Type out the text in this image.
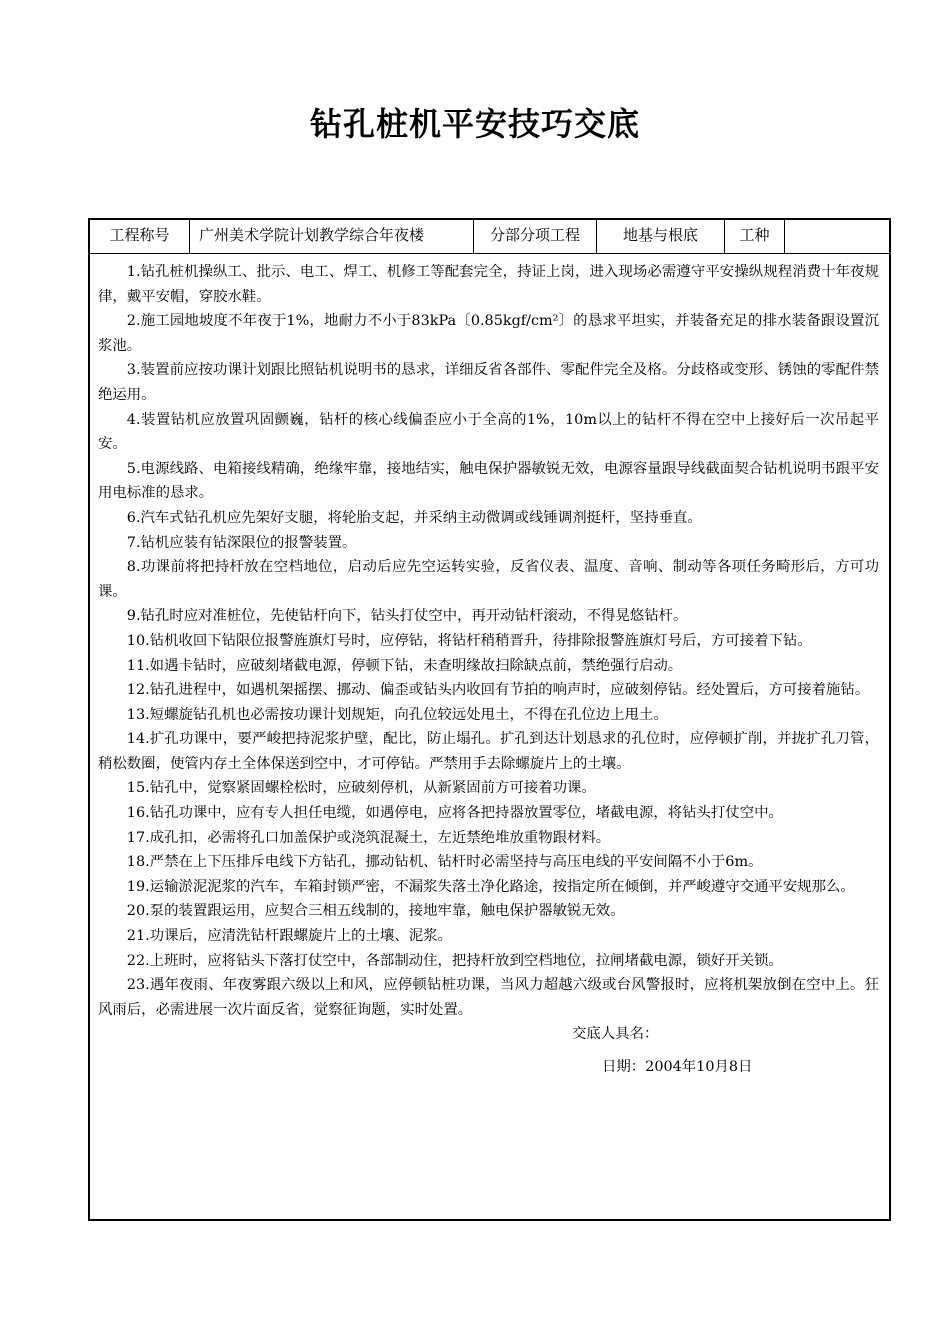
钻孔桩机平安技巧交底
工程称号	广州美术学院计划教学综合年夜楼	分部分项工程	地基与根底	工种

1.钻孔桩机操纵工、批示、电工、焊工、机修工等配套完全，持证上岗，进入现场必需遵守平安操纵规程消费十年夜规律，戴平安帽，穿胶水鞋。

2.施工园地坡度不年夜于1%，地耐力不小于83kPa〔0.85kgf/cm²〕的恳求平坦实，并装备充足的排水装备跟设置沉浆池。

3.装置前应按功课计划跟比照钻机说明书的恳求，详细反省各部件、零配件完全及格。分歧格或变形、锈蚀的零配件禁绝运用。

4.装置钻机应放置巩固颤巍，钻杆的核心线偏歪应小于全高的1%，10m以上的钻杆不得在空中上接好后一次吊起平安。

5.电源线路、电箱接线精确，绝缘牢靠，接地结实，触电保护器敏锐无效，电源容量跟导线截面契合钻机说明书跟平安用电标准的恳求。

6.汽车式钻孔机应先架好支腿，将轮胎支起，并采纳主动微调或线锤调剂挺杆，坚持垂直。

7.钻机应装有钻深限位的报警装置。

8.功课前将把持杆放在空档地位，启动后应先空运转实验，反省仪表、温度、音响、制动等各项任务畸形后，方可功课。

9.钻孔时应对准桩位，先使钻杆向下，钻头打仗空中，再开动钻杆滚动，不得晃悠钻杆。

10.钻机收回下钻限位报警旌旗灯号时，应停钻，将钻杆稍稍晋升，待排除报警旌旗灯号后，方可接着下钻。

11.如遇卡钻时，应破刻堵截电源，停顿下钻，未查明缘故扫除缺点前，禁绝强行启动。

12.钻孔进程中，如遇机架摇摆、挪动、偏歪或钻头内收回有节拍的响声时，应破刻停钻。经处置后，方可接着施钻。

13.短螺旋钻孔机也必需按功课计划规矩，向孔位较远处甩土，不得在孔位边上甩土。

14.扩孔功课中，要严峻把持泥浆护壁，配比，防止塌孔。扩孔到达计划恳求的孔位时，应停顿扩削，并拢扩孔刀管，稍松数圈，使管内存土全体保送到空中，才可停钻。严禁用手去除螺旋片上的土壤。

15.钻孔中，觉察紧固螺栓松时，应破刻停机，从新紧固前方可接着功课。

16.钻孔功课中，应有专人担任电缆，如遇停电，应将各把持器放置零位，堵截电源，将钻头打仗空中。

17.成孔扣，必需将孔口加盖保护或浇筑混凝土，左近禁绝堆放重物跟材料。

18.严禁在上下压排斥电线下方钻孔，挪动钻机、钻杆时必需坚持与高压电线的平安间隔不小于6m。

19.运输淤泥泥浆的汽车，车箱封锁严密，不漏浆失落土净化路途，按指定所在倾倒，并严峻遵守交通平安规那么。

20.泵的装置跟运用，应契合三相五线制的，接地牢靠，触电保护器敏锐无效。

21.功课后，应清洗钻杆跟螺旋片上的土壤、泥浆。

22.上班时，应将钻头下落打仗空中，各部制动住，把持杆放到空档地位，拉闸堵截电源，锁好开关锁。

23.遇年夜雨、年夜雾跟六级以上和风，应停顿钻桩功课，当风力超越六级或台风警报时，应将机架放倒在空中上。狂风雨后，必需进展一次片面反省，觉察征询题，实时处置。

交底人具名：

日期：2004年10月8日
